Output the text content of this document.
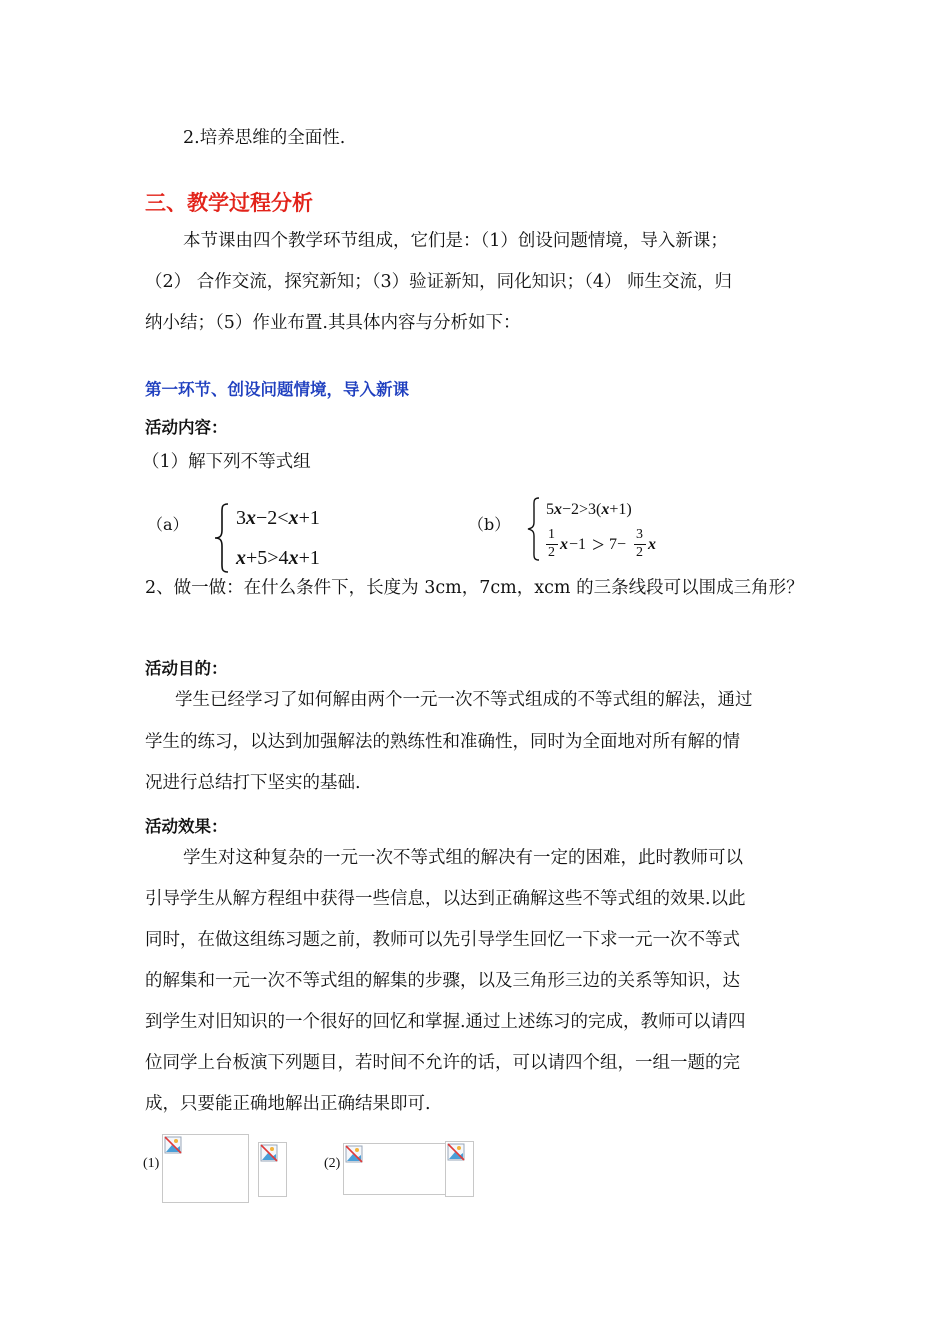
2.培养思维的全面性.
三、教学过程分析
本节课由四个教学环节组成，它们是：（1）创设问题情境，导入新课；
（2） 合作交流，探究新知；（3）验证新知，同化知识；（4） 师生交流，归
纳小结；（5）作业布置.其具体内容与分析如下：
第一环节、创设问题情境，导入新课
活动内容：
（1）解下列不等式组
（a） 3x−2<x+1
x+5>4x+1
（b）
5x−2>3(x+1)
1
2 x −1 > 7−
3
2 x
2、做一做：在什么条件下，长度为 3cm，7cm，xcm 的三条线段可以围成三角形？
活动目的：
学生已经学习了如何解由两个一元一次不等式组成的不等式组的解法，通过
学生的练习，以达到加强解法的熟练性和准确性，同时为全面地对所有解的情
况进行总结打下坚实的基础.
活动效果：
学生对这种复杂的一元一次不等式组的解决有一定的困难，此时教师可以
引导学生从解方程组中获得一些信息，以达到正确解这些不等式组的效果.以此
同时，在做这组练习题之前，教师可以先引导学生回忆一下求一元一次不等式
的解集和一元一次不等式组的解集的步骤，以及三角形三边的关系等知识，达
到学生对旧知识的一个很好的回忆和掌握.通过上述练习的完成，教师可以请四
位同学上台板演下列题目，若时间不允许的话，可以请四个组，一组一题的完
成，只要能正确地解出正确结果即可.
(1)	(2)
